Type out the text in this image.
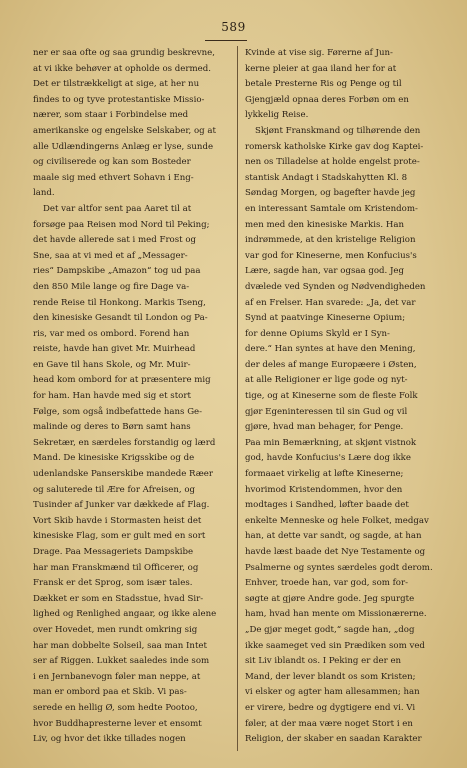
589
ner er saa ofte og saa grundig beskrevne,
at vi ikke behøver at opholde os dermed.
Det er tilstrækkeligt at sige, at her nu
findes to og tyve protestantiske Missio-
nærer, som staar i Forbindelse med
amerikanske og engelske Selskaber, og at
alle Udlændingerns Anlæg er lyse, sunde
og civiliserede og kan som Bosteder
maale sig med ethvert Sohavn i Eng-
land.
Det var altfor sent paa Aaret til at
forsøge paa Reisen mod Nord til Peking;
det havde allerede sat i med Frost og
Sne, saa at vi med et af „Messager-
ries“ Dampskibe „Amazon“ tog ud paa
den 850 Mile lange og fire Dage va-
rende Reise til Honkong. Markis Tseng,
den kinesiske Gesandt til London og Pa-
ris, var med os ombord. Forend han
reiste, havde han givet Mr. Muirhead
en Gave til hans Skole, og Mr. Muir-
head kom ombord for at præsentere mig
for ham. Han havde med sig et stort
Følge, som også indbefattede hans Ge-
malinde og deres to Børn samt hans
Sekretær, en særdeles forstandig og lærd
Mand. De kinesiske Krigsskibe og de
udenlandske Panserskibe mandede Ræer
og saluterede til Ære for Afreisen, og
Tusinder af Junker var dækkede af Flag.
Vort Skib havde i Stormasten heist det
kinesiske Flag, som er gult med en sort
Drage. Paa Messageriets Dampskibe
har man Franskmænd til Officerer, og
Fransk er det Sprog, som især tales.
Dækket er som en Stadsstue, hvad Sir-
lighed og Renlighed angaar, og ikke alene
over Hovedet, men rundt omkring sig
har man dobbelte Solseil, saa man Intet
ser af Riggen. Lukket saaledes inde som
i en Jernbanevogn føler man neppe, at
man er ombord paa et Skib. Vi pas-
serede en hellig Ø, som hedte Pootoo,
hvor Buddhapresterne lever et ensomt
Liv, og hvor det ikke tillades nogen
Kvinde at vise sig. Førerne af Jun-
kerne pleier at gaa iland her for at
betale Presterne Ris og Penge og til
Gjengjæld opnaa deres Forbøn om en
lykkelig Reise.
Skjønt Franskmand og tilhørende den
romersk katholske Kirke gav dog Kaptei-
nen os Tilladelse at holde engelst prote-
stantisk Andagt i Stadskahytten Kl. 8
Søndag Morgen, og bagefter havde jeg
en interessant Samtale om Kristendom-
men med den kinesiske Markis. Han
indrømmede, at den kristelige Religion
var god for Kineserne, men Konfucius's
Lære, sagde han, var ogsaa god. Jeg
dvælede ved Synden og Nødvendigheden
af en Frelser. Han svarede: „Ja, det var
Synd at paatvinge Kineserne Opium;
for denne Opiums Skyld er I Syn-
dere.“ Han syntes at have den Mening,
der deles af mange Europæere i Østen,
at alle Religioner er lige gode og nyt-
tige, og at Kineserne som de fleste Folk
gjør Egeninteressen til sin Gud og vil
gjøre, hvad man behager, for Penge.
Paa min Bemærkning, at skjønt vistnok
god, havde Konfucius's Lære dog ikke
formaaet virkelig at løfte Kineserne;
hvorimod Kristendommen, hvor den
modtages i Sandhed, løfter baade det
enkelte Menneske og hele Folket, medgav
han, at dette var sandt, og sagde, at han
havde læst baade det Nye Testamente og
Psalmerne og syntes særdeles godt derom.
Enhver, troede han, var god, som for-
søgte at gjøre Andre gode. Jeg spurgte
ham, hvad han mente om Missionærerne.
„De gjør meget godt,“ sagde han, „dog
ikke saameget ved sin Prædiken som ved
sit Liv iblandt os. I Peking er der en
Mand, der lever blandt os som Kristen;
vi elsker og agter ham allesammen; han
er virere, bedre og dygtigere end vi. Vi
føler, at der maa være noget Stort i en
Religion, der skaber en saadan Karakter
